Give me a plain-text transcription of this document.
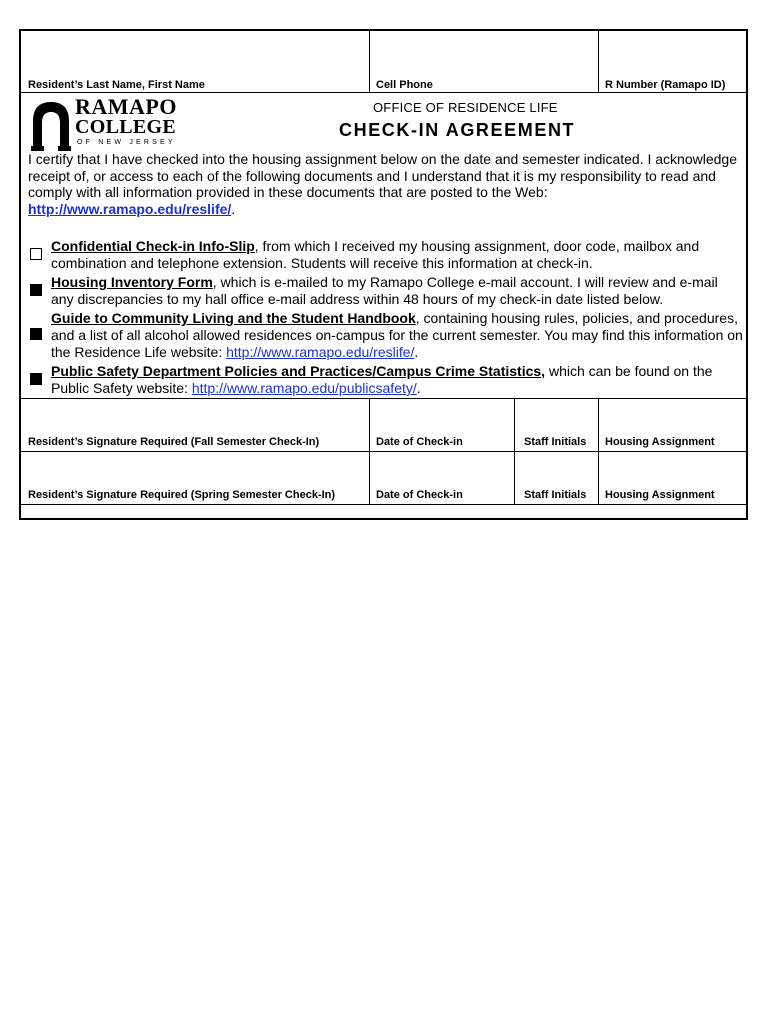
Resident’s Last Name, First Name	Cell Phone	R Number (Ramapo ID)
RAMAPO
COLLEGE
OF NEW JERSEY
OFFICE OF RESIDENCE LIFE
CHECK-IN AGREEMENT
I certify that I have checked into the housing assignment below on the date and semester indicated. I acknowledge receipt of, or access to each of the following documents and I understand that it is my responsibility to read and comply with all information provided in these documents that are posted to the Web:
http://www.ramapo.edu/reslife/.
Confidential Check-in Info-Slip, from which I received my housing assignment, door code, mailbox and combination and telephone extension. Students will receive this information at check-in.
Housing Inventory Form, which is e-mailed to my Ramapo College e-mail account. I will review and e-mail any discrepancies to my hall office e-mail address within 48 hours of my check-in date listed below.
Guide to Community Living and the Student Handbook, containing housing rules, policies, and procedures, and a list of all alcohol allowed residences on-campus for the current semester. You may find this information on the Residence Life website: http://www.ramapo.edu/reslife/.
Public Safety Department Policies and Practices/Campus Crime Statistics, which can be found on the Public Safety website: http://www.ramapo.edu/publicsafety/.
Resident’s Signature Required (Fall Semester Check-In)	Date of Check-in	Staff Initials Housing Assignment
Resident’s Signature Required (Spring Semester Check-In)	Date of Check-in	Staff Initials Housing Assignment
